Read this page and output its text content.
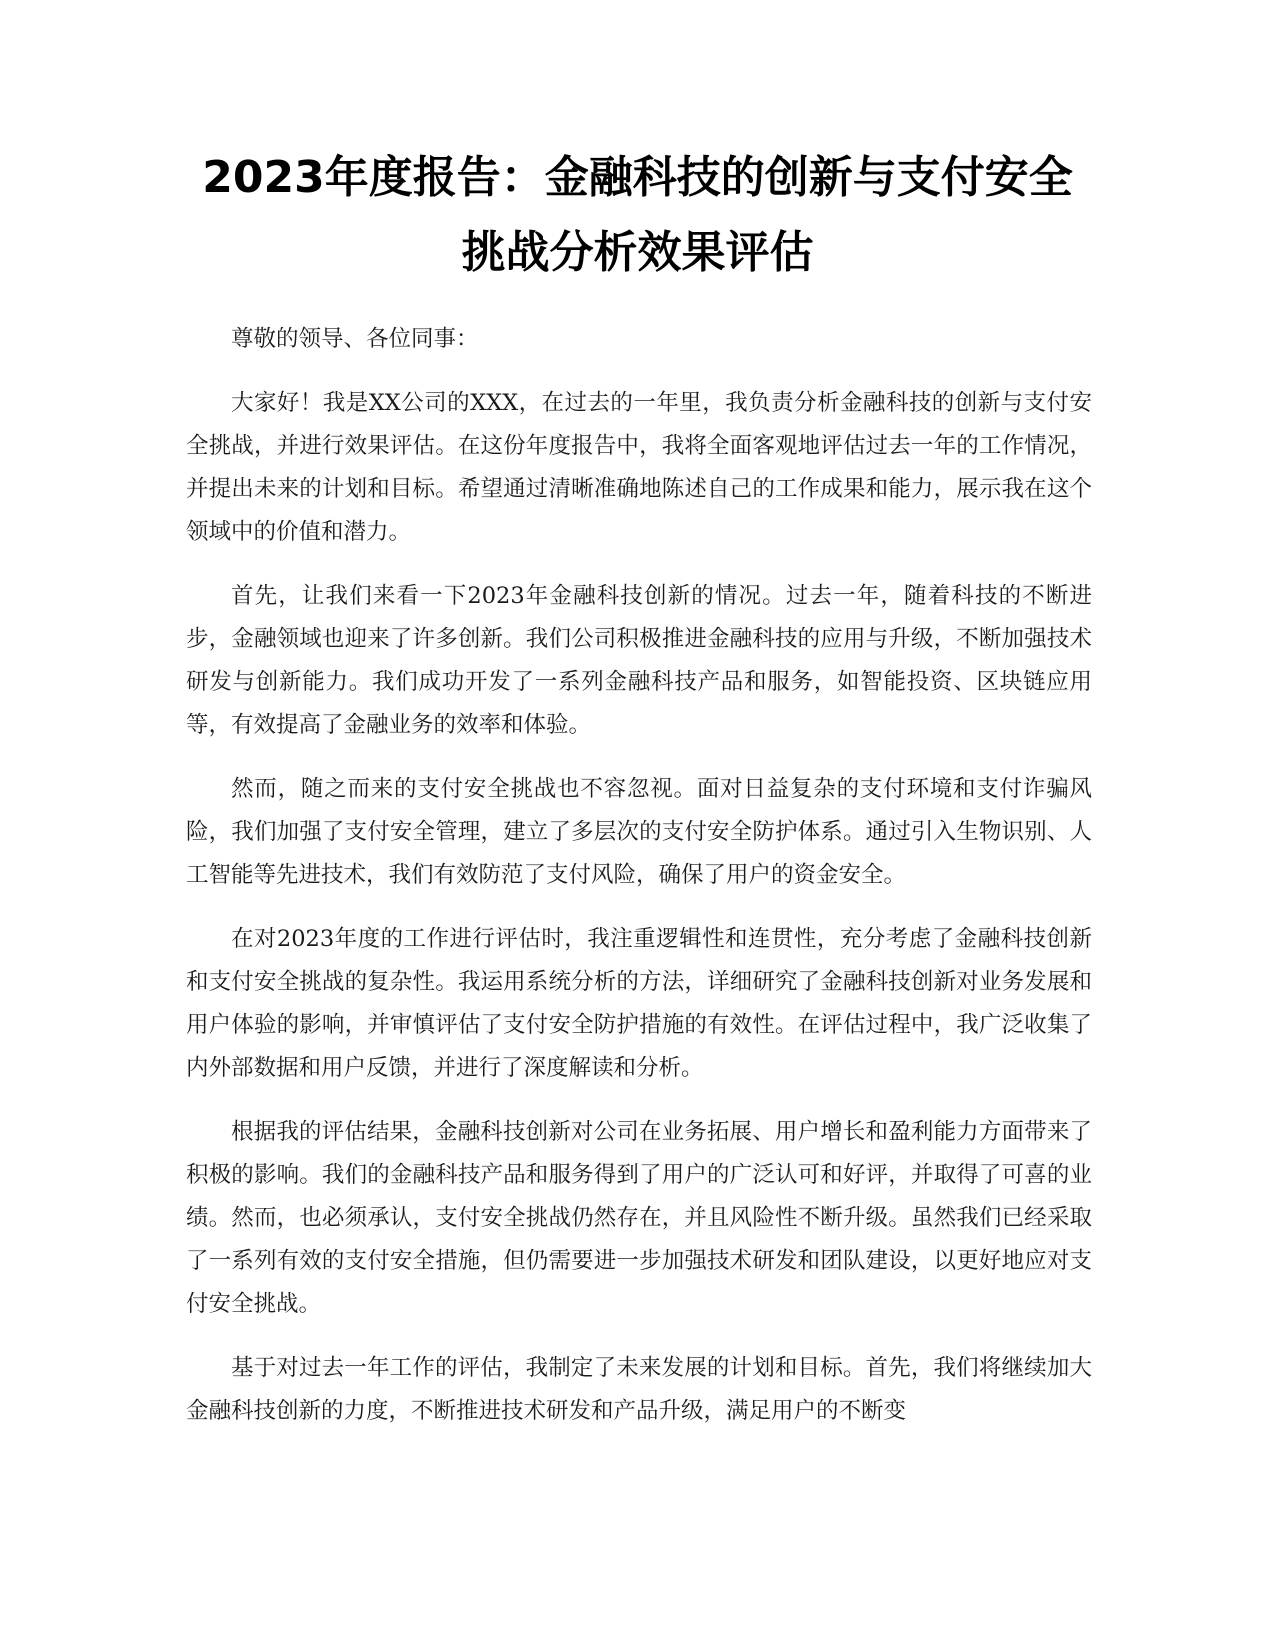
2023年度报告：金融科技的创新与支付安全
挑战分析效果评估

尊敬的领导、各位同事：

大家好！我是XX公司的XXX，在过去的一年里，我负责分析金融科技的创新与支付安全挑战，并进行效果评估。在这份年度报告中，我将全面客观地评估过去一年的工作情况，并提出未来的计划和目标。希望通过清晰准确地陈述自己的工作成果和能力，展示我在这个领域中的价值和潜力。

首先，让我们来看一下2023年金融科技创新的情况。过去一年，随着科技的不断进步，金融领域也迎来了许多创新。我们公司积极推进金融科技的应用与升级，不断加强技术研发与创新能力。我们成功开发了一系列金融科技产品和服务，如智能投资、区块链应用等，有效提高了金融业务的效率和体验。

然而，随之而来的支付安全挑战也不容忽视。面对日益复杂的支付环境和支付诈骗风险，我们加强了支付安全管理，建立了多层次的支付安全防护体系。通过引入生物识别、人工智能等先进技术，我们有效防范了支付风险，确保了用户的资金安全。

在对2023年度的工作进行评估时，我注重逻辑性和连贯性，充分考虑了金融科技创新和支付安全挑战的复杂性。我运用系统分析的方法，详细研究了金融科技创新对业务发展和用户体验的影响，并审慎评估了支付安全防护措施的有效性。在评估过程中，我广泛收集了内外部数据和用户反馈，并进行了深度解读和分析。

根据我的评估结果，金融科技创新对公司在业务拓展、用户增长和盈利能力方面带来了积极的影响。我们的金融科技产品和服务得到了用户的广泛认可和好评，并取得了可喜的业绩。然而，也必须承认，支付安全挑战仍然存在，并且风险性不断升级。虽然我们已经采取了一系列有效的支付安全措施，但仍需要进一步加强技术研发和团队建设，以更好地应对支付安全挑战。

基于对过去一年工作的评估，我制定了未来发展的计划和目标。首先，我们将继续加大金融科技创新的力度，不断推进技术研发和产品升级，满足用户的不断变
